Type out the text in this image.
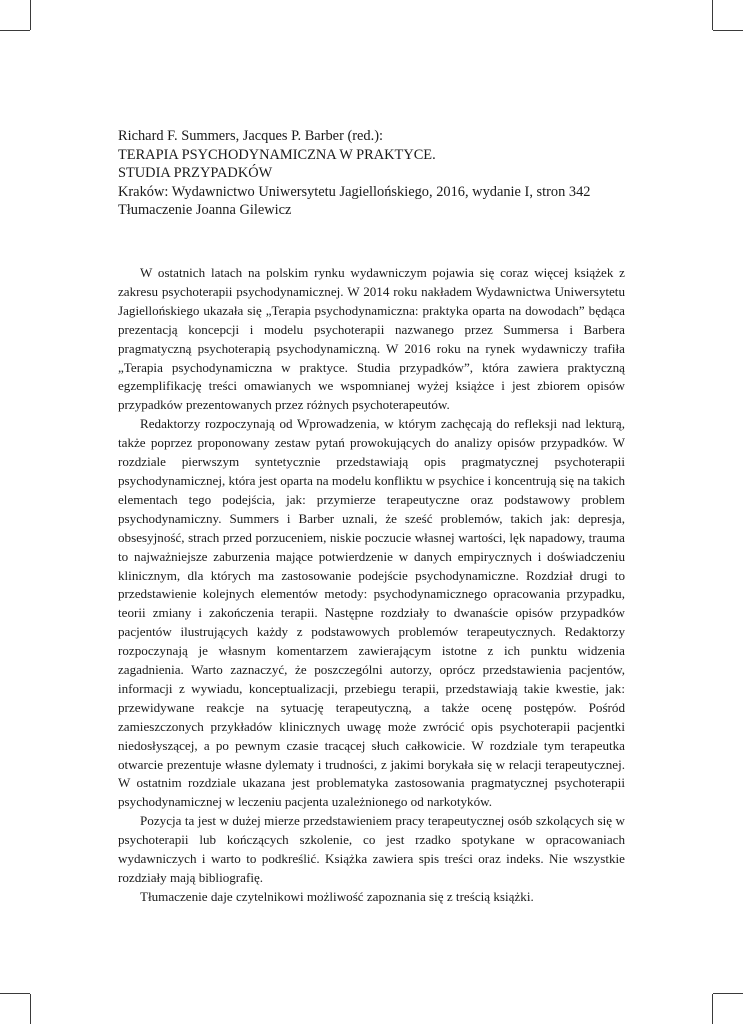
Richard F. Summers, Jacques P. Barber (red.):
TERAPIA PSYCHODYNAMICZNA W PRAKTYCE.
STUDIA PRZYPADKÓW
Kraków: Wydawnictwo Uniwersytetu Jagiellońskiego, 2016, wydanie I, stron 342
Tłumaczenie Joanna Gilewicz

W ostatnich latach na polskim rynku wydawniczym pojawia się coraz więcej książek z zakresu psychoterapii psychodynamicznej. W 2014 roku nakładem Wydawnictwa Uniwersytetu Jagiellońskiego ukazała się „Terapia psychodynamiczna: praktyka oparta na dowodach” będąca prezentacją koncepcji i modelu psychoterapii nazwanego przez Summersa i Barbera pragmatyczną psychoterapią psychodynamiczną. W 2016 roku na rynek wydawniczy trafiła „Terapia psychodynamiczna w praktyce. Studia przypadków”, która zawiera praktyczną egzemplifikację treści omawianych we wspomnianej wyżej książce i jest zbiorem opisów przypadków prezentowanych przez różnych psychoterapeutów.

Redaktorzy rozpoczynają od Wprowadzenia, w którym zachęcają do refleksji nad lekturą, także poprzez proponowany zestaw pytań prowokujących do analizy opisów przypadków. W rozdziale pierwszym syntetycznie przedstawiają opis pragmatycznej psychoterapii psychodynamicznej, która jest oparta na modelu konfliktu w psychice i koncentrują się na takich elementach tego podejścia, jak: przymierze terapeutyczne oraz podstawowy problem psychodynamiczny. Summers i Barber uznali, że sześć problemów, takich jak: depresja, obsesyjność, strach przed porzuceniem, niskie poczucie własnej wartości, lęk napadowy, trauma to najważniejsze zaburzenia mające potwierdzenie w danych empirycznych i doświadczeniu klinicznym, dla których ma zastosowanie podejście psychodynamiczne. Rozdział drugi to przedstawienie kolejnych elementów metody: psychodynamicznego opracowania przypadku, teorii zmiany i zakończenia terapii. Następne rozdziały to dwanaście opisów przypadków pacjentów ilustrujących każdy z podstawowych problemów terapeutycznych. Redaktorzy rozpoczynają je własnym komentarzem zawierającym istotne z ich punktu widzenia zagadnienia. Warto zaznaczyć, że poszczególni autorzy, oprócz przedstawienia pacjentów, informacji z wywiadu, konceptualizacji, przebiegu terapii, przedstawiają takie kwestie, jak: przewidywane reakcje na sytuację terapeutyczną, a także ocenę postępów. Pośród zamieszczonych przykładów klinicznych uwagę może zwrócić opis psychoterapii pacjentki niedosłyszącej, a po pewnym czasie tracącej słuch całkowicie. W rozdziale tym terapeutka otwarcie prezentuje własne dylematy i trudności, z jakimi borykała się w relacji terapeutycznej. W ostatnim rozdziale ukazana jest problematyka zastosowania pragmatycznej psychoterapii psychodynamicznej w leczeniu pacjenta uzależnionego od narkotyków.

Pozycja ta jest w dużej mierze przedstawieniem pracy terapeutycznej osób szkolących się w psychoterapii lub kończących szkolenie, co jest rzadko spotykane w opracowaniach wydawniczych i warto to podkreślić. Książka zawiera spis treści oraz indeks. Nie wszystkie rozdziały mają bibliografię.

Tłumaczenie daje czytelnikowi możliwość zapoznania się z treścią książki.
